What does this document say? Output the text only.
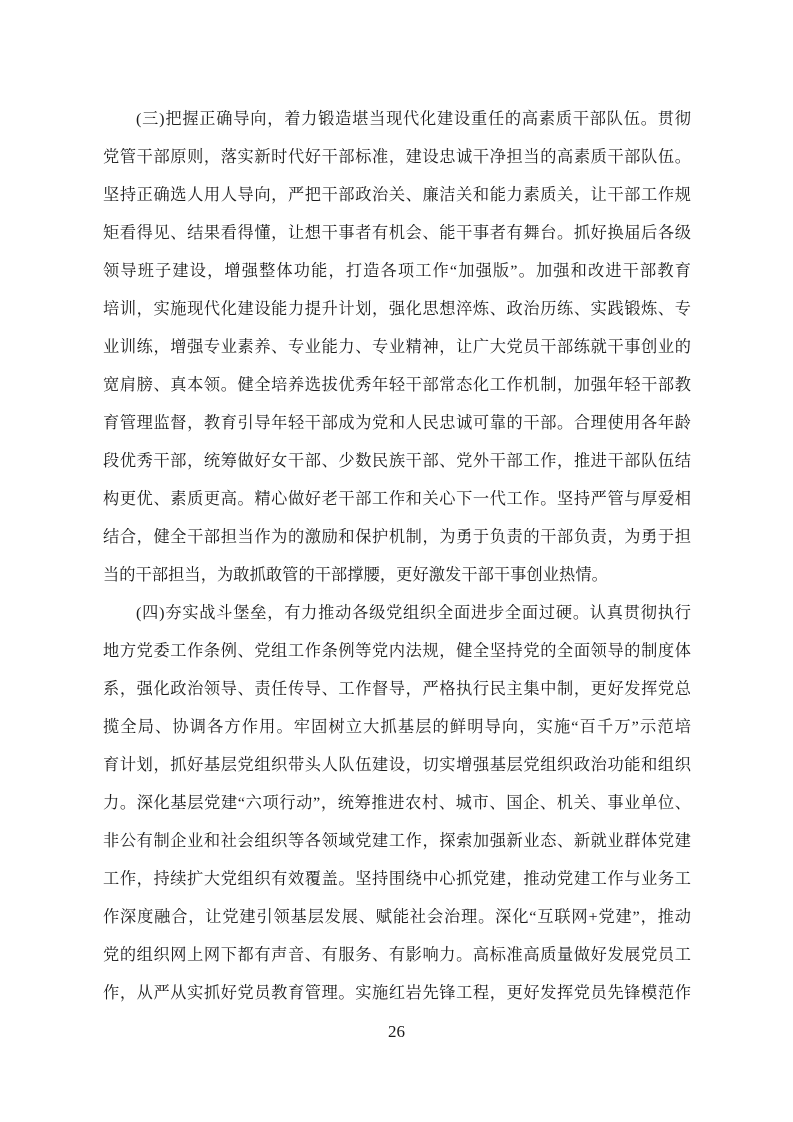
(三)把握正确导向，着力锻造堪当现代化建设重任的高素质干部队伍。贯彻
党管干部原则，落实新时代好干部标准，建设忠诚干净担当的高素质干部队伍。
坚持正确选人用人导向，严把干部政治关、廉洁关和能力素质关，让干部工作规
矩看得见、结果看得懂，让想干事者有机会、能干事者有舞台。抓好换届后各级
领导班子建设，增强整体功能，打造各项工作“加强版”。加强和改进干部教育
培训，实施现代化建设能力提升计划，强化思想淬炼、政治历练、实践锻炼、专
业训练，增强专业素养、专业能力、专业精神，让广大党员干部练就干事创业的
宽肩膀、真本领。健全培养选拔优秀年轻干部常态化工作机制，加强年轻干部教
育管理监督，教育引导年轻干部成为党和人民忠诚可靠的干部。合理使用各年龄
段优秀干部，统筹做好女干部、少数民族干部、党外干部工作，推进干部队伍结
构更优、素质更高。精心做好老干部工作和关心下一代工作。坚持严管与厚爱相
结合，健全干部担当作为的激励和保护机制，为勇于负责的干部负责，为勇于担
当的干部担当，为敢抓敢管的干部撑腰，更好激发干部干事创业热情。
(四)夯实战斗堡垒，有力推动各级党组织全面进步全面过硬。认真贯彻执行
地方党委工作条例、党组工作条例等党内法规，健全坚持党的全面领导的制度体
系，强化政治领导、责任传导、工作督导，严格执行民主集中制，更好发挥党总
揽全局、协调各方作用。牢固树立大抓基层的鲜明导向，实施“百千万”示范培
育计划，抓好基层党组织带头人队伍建设，切实增强基层党组织政治功能和组织
力。深化基层党建“六项行动”，统筹推进农村、城市、国企、机关、事业单位、
非公有制企业和社会组织等各领域党建工作，探索加强新业态、新就业群体党建
工作，持续扩大党组织有效覆盖。坚持围绕中心抓党建，推动党建工作与业务工
作深度融合，让党建引领基层发展、赋能社会治理。深化“互联网+党建”，推动
党的组织网上网下都有声音、有服务、有影响力。高标准高质量做好发展党员工
作，从严从实抓好党员教育管理。实施红岩先锋工程，更好发挥党员先锋模范作
26
